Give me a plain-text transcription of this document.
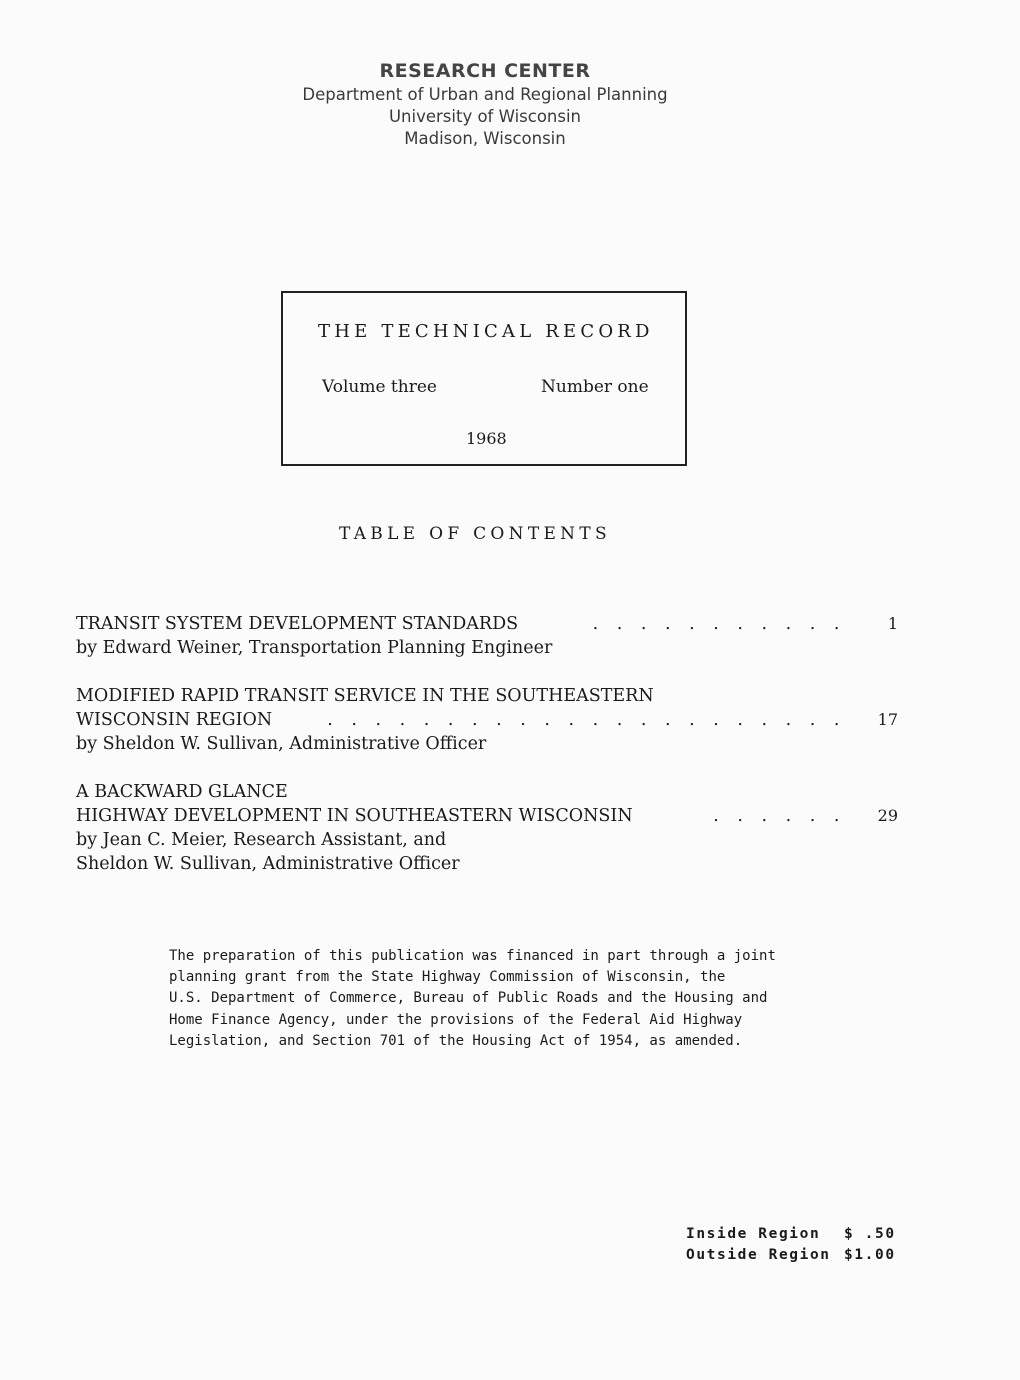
RESEARCH CENTER
Department of Urban and Regional Planning
University of Wisconsin
Madison, Wisconsin
THE TECHNICAL RECORD
Volume three	Number one
1968
TABLE OF CONTENTS
TRANSIT SYSTEM DEVELOPMENT STANDARDS	. . . . . . . . . . .	1
by Edward Weiner, Transportation Planning Engineer
MODIFIED RAPID TRANSIT SERVICE IN THE SOUTHEASTERN
WISCONSIN REGION	. . . . . . . . . . . . . . . . . . . . . . 17
by Sheldon W. Sullivan, Administrative Officer
A BACKWARD GLANCE
HIGHWAY DEVELOPMENT IN SOUTHEASTERN WISCONSIN	. . . . . . 29
by Jean C. Meier, Research Assistant, and
Sheldon W. Sullivan, Administrative Officer
The preparation of this publication was financed in part through a joint
planning grant from the State Highway Commission of Wisconsin, the
U.S. Department of Commerce, Bureau of Public Roads and the Housing and
Home Finance Agency, under the provisions of the Federal Aid Highway
Legislation, and Section 701 of the Housing Act of 1954, as amended.
Inside Region	$ .50
Outside Region $1.00
